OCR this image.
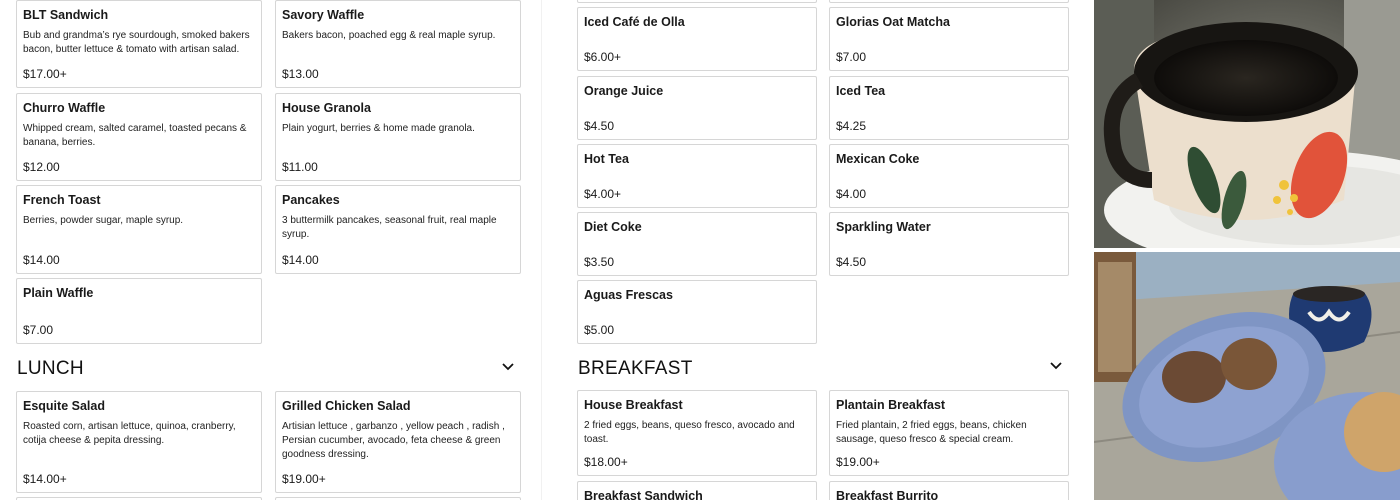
BLT Sandwich
Bub and grandma’s rye sourdough, smoked bakers bacon, butter lettuce & tomato with artisan salad.
$17.00+
Savory Waffle
Bakers bacon, poached egg & real maple syrup.
$13.00
Churro Waffle
Whipped cream, salted caramel, toasted pecans & banana, berries.
$12.00
House Granola
Plain yogurt, berries & home made granola.
$11.00
French Toast
Berries, powder sugar, maple syrup.
$14.00
Pancakes
3 buttermilk pancakes, seasonal fruit, real maple syrup.
$14.00
Plain Waffle
$7.00
LUNCH
Esquite Salad
Roasted corn, artisan lettuce, quinoa, cranberry, cotija cheese & pepita dressing.
$14.00+
Grilled Chicken Salad
Artisian lettuce , garbanzo , yellow peach , radish , Persian cucumber, avocado, feta cheese & green goodness dressing.
$19.00+
Iced Café de Olla
$6.00+
Glorias Oat Matcha
$7.00
Orange Juice
$4.50
Iced Tea
$4.25
Hot Tea
$4.00+
Mexican Coke
$4.00
Diet Coke
$3.50
Sparkling Water
$4.50
Aguas Frescas
$5.00
BREAKFAST
House Breakfast
2 fried eggs, beans, queso fresco, avocado and toast.
$18.00+
Plantain Breakfast
Fried plantain, 2 fried eggs, beans, chicken sausage, queso fresco & special cream.
$19.00+
Breakfast Sandwich	Breakfast Burrito
